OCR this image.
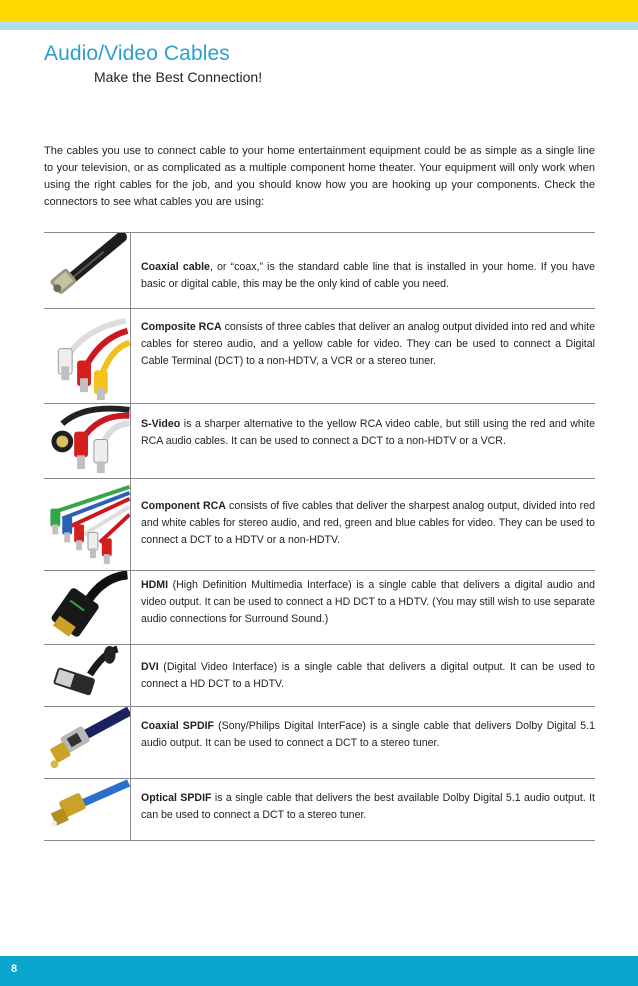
Audio/Video Cables
Make the Best Connection!

The cables you use to connect cable to your home entertainment equipment could be as simple as a single line to your television, or as complicated as a multiple component home theater. Your equipment will only work when using the right cables for the job, and you should know how you are hooking up your components. Check the connectors to see what cables you are using:

Coaxial cable, or “coax,” is the standard cable line that is installed in your home. If you have basic or digital cable, this may be the only kind of cable you need.

Composite RCA consists of three cables that deliver an analog output divided into red and white cables for stereo audio, and a yellow cable for video. They can be used to connect a Digital Cable Terminal (DCT) to a non-HDTV, a VCR or a stereo tuner.

S-Video is a sharper alternative to the yellow RCA video cable, but still using the red and white RCA audio cables. It can be used to connect a DCT to a non-HDTV or a VCR.

Component RCA consists of five cables that deliver the sharpest analog output, divided into red and white cables for stereo audio, and red, green and blue cables for video. They can be used to connect a DCT to a HDTV or a non-HDTV.

HDMI (High Definition Multimedia Interface) is a single cable that delivers a digital audio and video output. It can be used to connect a HD DCT to a HDTV. (You may still wish to use separate audio connections for Surround Sound.)

DVI (Digital Video Interface) is a single cable that delivers a digital output. It can be used to connect a HD DCT to a HDTV.

Coaxial SPDIF (Sony/Philips Digital InterFace) is a single cable that delivers Dolby Digital 5.1 audio output. It can be used to connect a DCT to a stereo tuner.

Optical SPDIF is a single cable that delivers the best available Dolby Digital 5.1 audio output. It can be used to connect a DCT to a stereo tuner.

8
